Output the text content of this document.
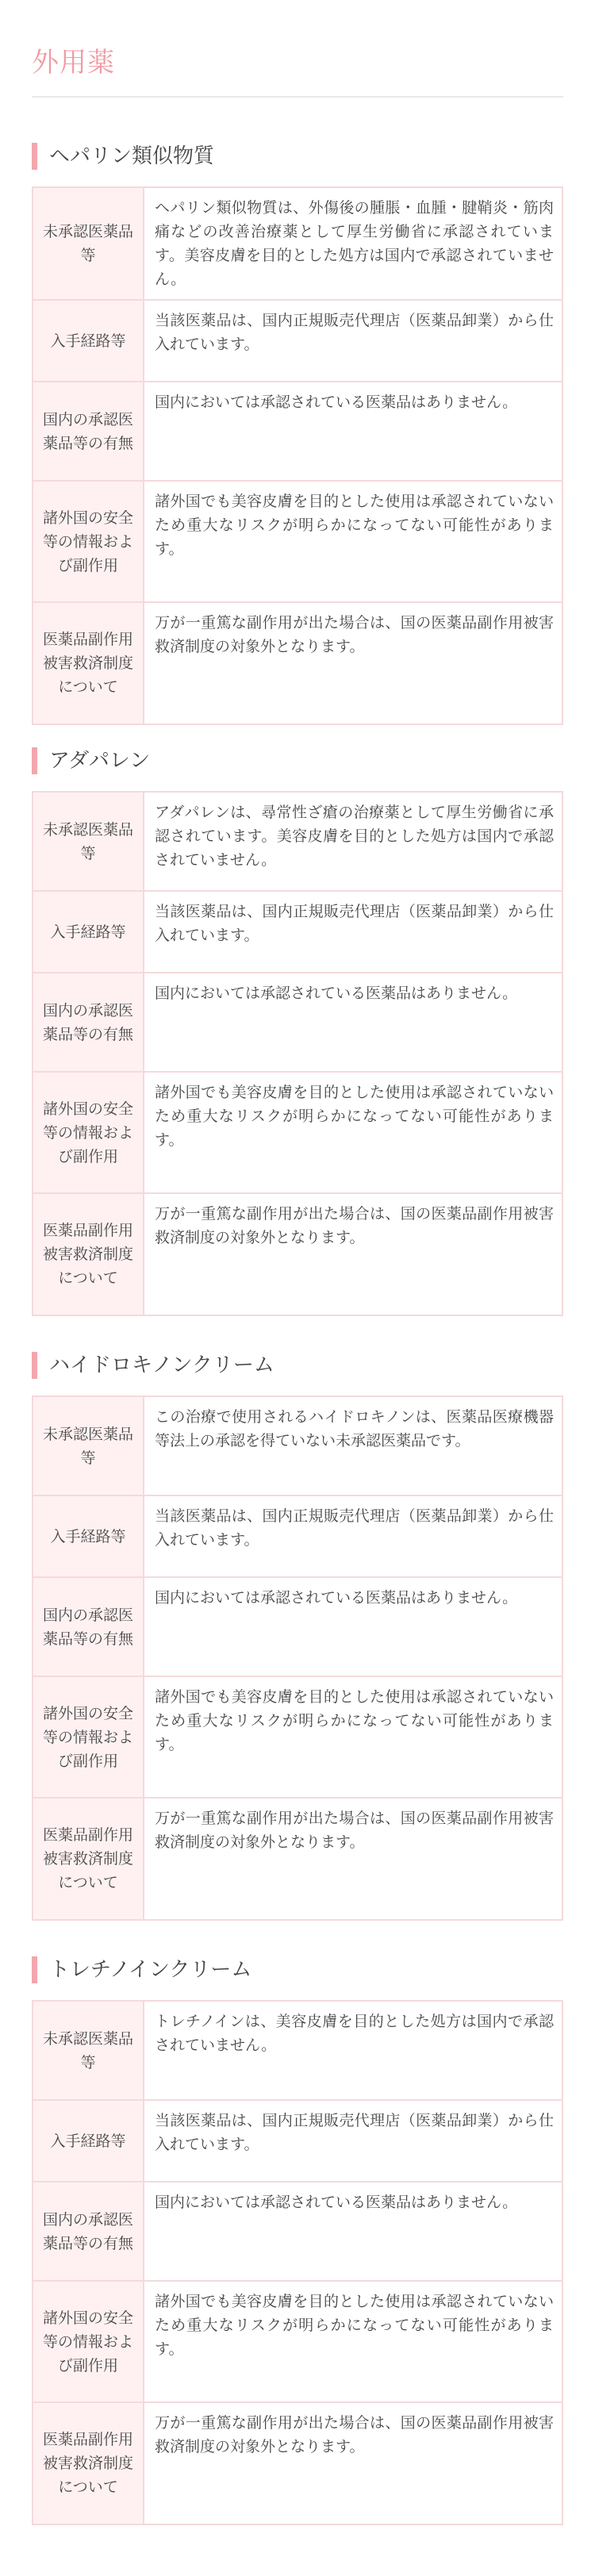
外用薬
ヘパリン類似物質
未承認医薬品等	ヘパリン類似物質は、外傷後の腫脹・血腫・腱鞘炎・筋肉痛などの改善治療薬として厚生労働省に承認されています。美容皮膚を目的とした処方は国内で承認されていません。
入手経路等	当該医薬品は、国内正規販売代理店（医薬品卸業）から仕入れています。
国内の承認医薬品等の有無	国内においては承認されている医薬品はありません。
諸外国の安全等の情報および副作用	諸外国でも美容皮膚を目的とした使用は承認されていないため重大なリスクが明らかになってない可能性があります。
医薬品副作用被害救済制度について	万が一重篤な副作用が出た場合は、国の医薬品副作用被害救済制度の対象外となります。
アダパレン
未承認医薬品等	アダパレンは、尋常性ざ瘡の治療薬として厚生労働省に承認されています。美容皮膚を目的とした処方は国内で承認されていません。
入手経路等	当該医薬品は、国内正規販売代理店（医薬品卸業）から仕入れています。
国内の承認医薬品等の有無	国内においては承認されている医薬品はありません。
諸外国の安全等の情報および副作用	諸外国でも美容皮膚を目的とした使用は承認されていないため重大なリスクが明らかになってない可能性があります。
医薬品副作用被害救済制度について	万が一重篤な副作用が出た場合は、国の医薬品副作用被害救済制度の対象外となります。
ハイドロキノンクリーム
未承認医薬品等	この治療で使用されるハイドロキノンは、医薬品医療機器等法上の承認を得ていない未承認医薬品です。
入手経路等	当該医薬品は、国内正規販売代理店（医薬品卸業）から仕入れています。
国内の承認医薬品等の有無	国内においては承認されている医薬品はありません。
諸外国の安全等の情報および副作用	諸外国でも美容皮膚を目的とした使用は承認されていないため重大なリスクが明らかになってない可能性があります。
医薬品副作用被害救済制度について	万が一重篤な副作用が出た場合は、国の医薬品副作用被害救済制度の対象外となります。
トレチノインクリーム
未承認医薬品等	トレチノインは、美容皮膚を目的とした処方は国内で承認されていません。
入手経路等	当該医薬品は、国内正規販売代理店（医薬品卸業）から仕入れています。
国内の承認医薬品等の有無	国内においては承認されている医薬品はありません。
諸外国の安全等の情報および副作用	諸外国でも美容皮膚を目的とした使用は承認されていないため重大なリスクが明らかになってない可能性があります。
医薬品副作用被害救済制度について	万が一重篤な副作用が出た場合は、国の医薬品副作用被害救済制度の対象外となります。
